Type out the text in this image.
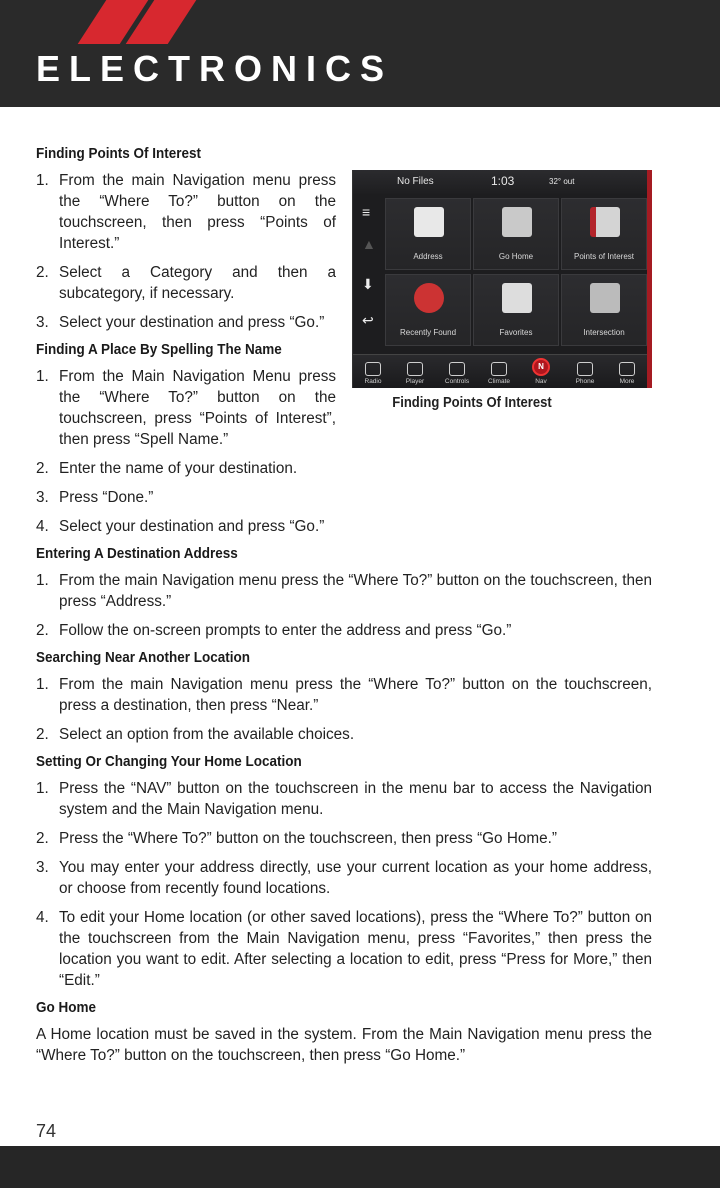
ELECTRONICS
Finding Points Of Interest
1. From the main Navigation menu press the “Where To?” button on the touchscreen, then press “Points of Interest.”
2. Select a Category and then a subcategory, if necessary.
3. Select your destination and press “Go.”
Finding A Place By Spelling The Name
1. From the Main Navigation Menu press the “Where To?” button on the touchscreen, press “Points of Interest”, then press “Spell Name.”
2. Enter the name of your destination.
3. Press “Done.”
4. Select your destination and press “Go.”
Entering A Destination Address
1. From the main Navigation menu press the “Where To?” button on the touchscreen, then press “Address.”
2. Follow the on-screen prompts to enter the address and press “Go.”
Searching Near Another Location
1. From the main Navigation menu press the “Where To?” button on the touchscreen, press a destination, then press “Near.”
2. Select an option from the available choices.
Setting Or Changing Your Home Location
1. Press the “NAV” button on the touchscreen in the menu bar to access the Navigation system and the Main Navigation menu.
2. Press the “Where To?” button on the touchscreen, then press “Go Home.”
3. You may enter your address directly, use your current location as your home address, or choose from recently found locations.
4. To edit your Home location (or other saved locations), press the “Where To?” button on the touchscreen from the Main Navigation menu, press “Favorites,” then press the location you want to edit. After selecting a location to edit, press “Press for More,” then “Edit.”
Go Home

A Home location must be saved in the system. From the Main Navigation menu press the “Where To?” button on the touchscreen, then press “Go Home.”

No Files	1:03	32° out
≡
▲
⬇
↩
Address	Go Home	Points of Interest
Recently Found	Favorites	Intersection
Radio	Player	Controls	Climate
N
Nav	Phone	More
Finding Points Of Interest
74
